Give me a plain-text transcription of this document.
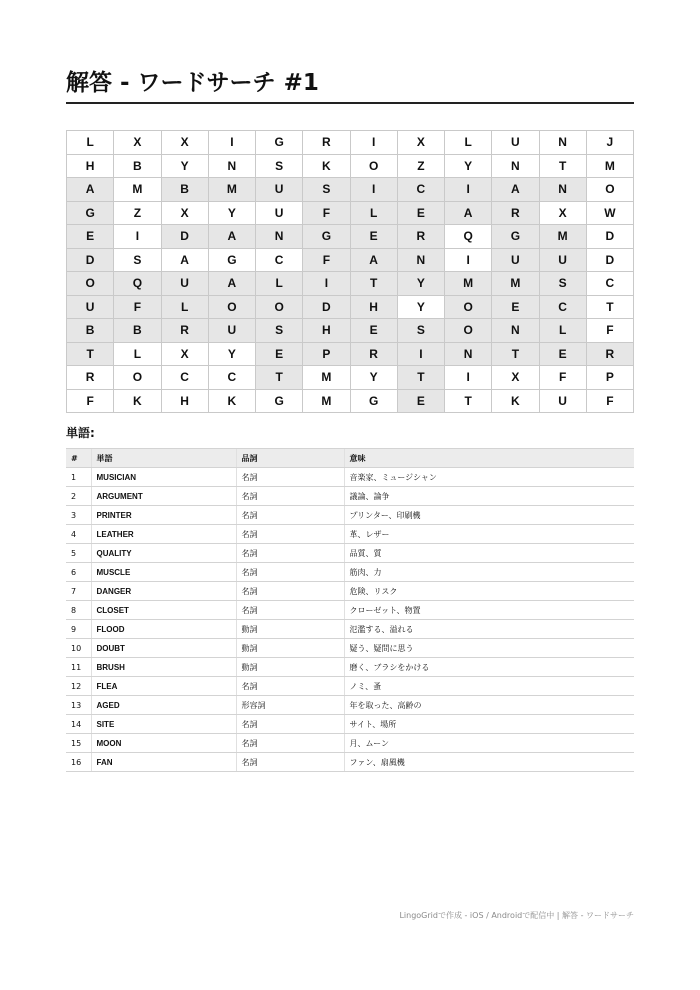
解答 - ワードサーチ #1
L	X	X	I	G	R	I	X	L	U	N	J
H	B	Y	N	S	K	O	Z	Y	N	T	M
A	M	B	M	U	S	I	C	I	A	N	O
G	Z	X	Y	U	F	L	E	A	R	X	W
E	I	D	A	N	G	E	R	Q	G	M	D
D	S	A	G	C	F	A	N	I	U	U	D
O	Q	U	A	L	I	T	Y	M	M	S	C
U	F	L	O	O	D	H	Y	O	E	C	T
B	B	R	U	S	H	E	S	O	N	L	F
T	L	X	Y	E	P	R	I	N	T	E	R
R	O	C	C	T	M	Y	T	I	X	F	P
F	K	H	K	G	M	G	E	T	K	U	F
単語:
#	単語	品詞	意味
1	MUSICIAN	名詞	音楽家、ミュージシャン
2	ARGUMENT	名詞	議論、論争
3	PRINTER	名詞	プリンター、印刷機
4	LEATHER	名詞	革、レザー
5	QUALITY	名詞	品質、質
6	MUSCLE	名詞	筋肉、力
7	DANGER	名詞	危険、リスク
8	CLOSET	名詞	クローゼット、物置
9	FLOOD	動詞	氾濫する、溢れる
10	DOUBT	動詞	疑う、疑問に思う
11	BRUSH	動詞	磨く、ブラシをかける
12	FLEA	名詞	ノミ、蚤
13	AGED	形容詞	年を取った、高齢の
14	SITE	名詞	サイト、場所
15	MOON	名詞	月、ムーン
16	FAN	名詞	ファン、扇風機
LingoGridで作成 - iOS / Androidで配信中 | 解答 - ワードサーチ
